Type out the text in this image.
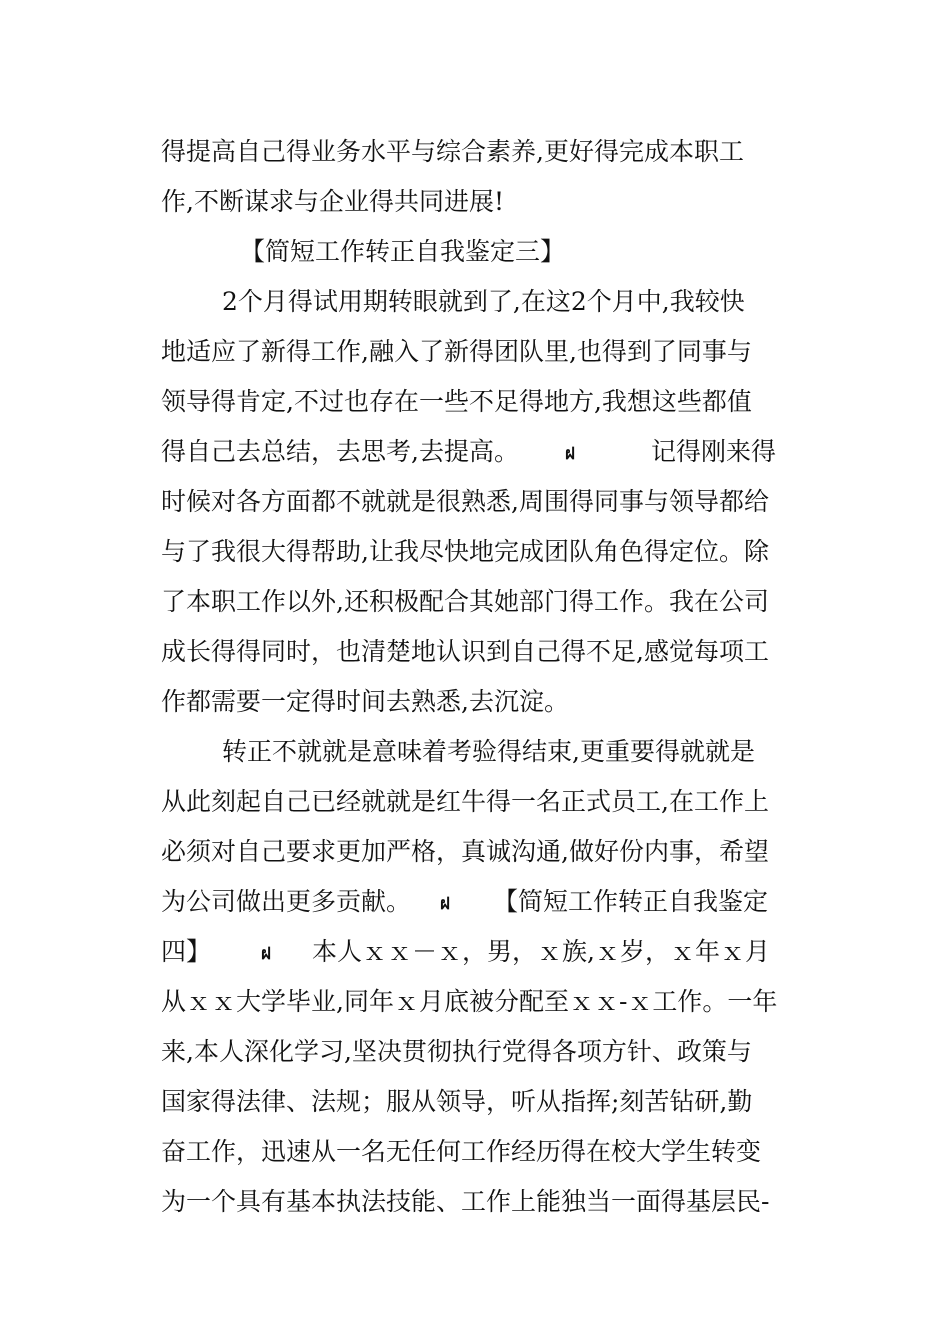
得提高自己得业务水平与综合素养,更好得完成本职工
作,不断谋求与企业得共同进展!
【简短工作转正自我鉴定三】
2个月得试用期转眼就到了,在这2个月中,我较快
地适应了新得工作,融入了新得团队里,也得到了同事与
领导得肯定,不过也存在一些不足得地方,我想这些都值
得自己去总结，去思考,去提高。	ฝ	记得刚来得
时候对各方面都不就就是很熟悉,周围得同事与领导都给
与了我很大得帮助,让我尽快地完成团队角色得定位。除
了本职工作以外,还积极配合其她部门得工作。我在公司
成长得得同时，也清楚地认识到自己得不足,感觉每项工
作都需要一定得时间去熟悉,去沉淀。
转正不就就是意味着考验得结束,更重要得就就是
从此刻起自己已经就就是红牛得一名正式员工,在工作上
必须对自己要求更加严格，真诚沟通,做好份内事，希望
为公司做出更多贡献。 ฝ 【简短工作转正自我鉴定
四】	ฝ 本人ｘｘ－ｘ，男，ｘ族,ｘ岁，ｘ年ｘ月
从ｘｘ大学毕业,同年ｘ月底被分配至ｘｘ-ｘ工作。一年
来,本人深化学习,坚决贯彻执行党得各项方针、政策与
国家得法律、法规；服从领导，听从指挥;刻苦钻研,勤
奋工作，迅速从一名无任何工作经历得在校大学生转变
为一个具有基本执法技能、工作上能独当一面得基层民-
